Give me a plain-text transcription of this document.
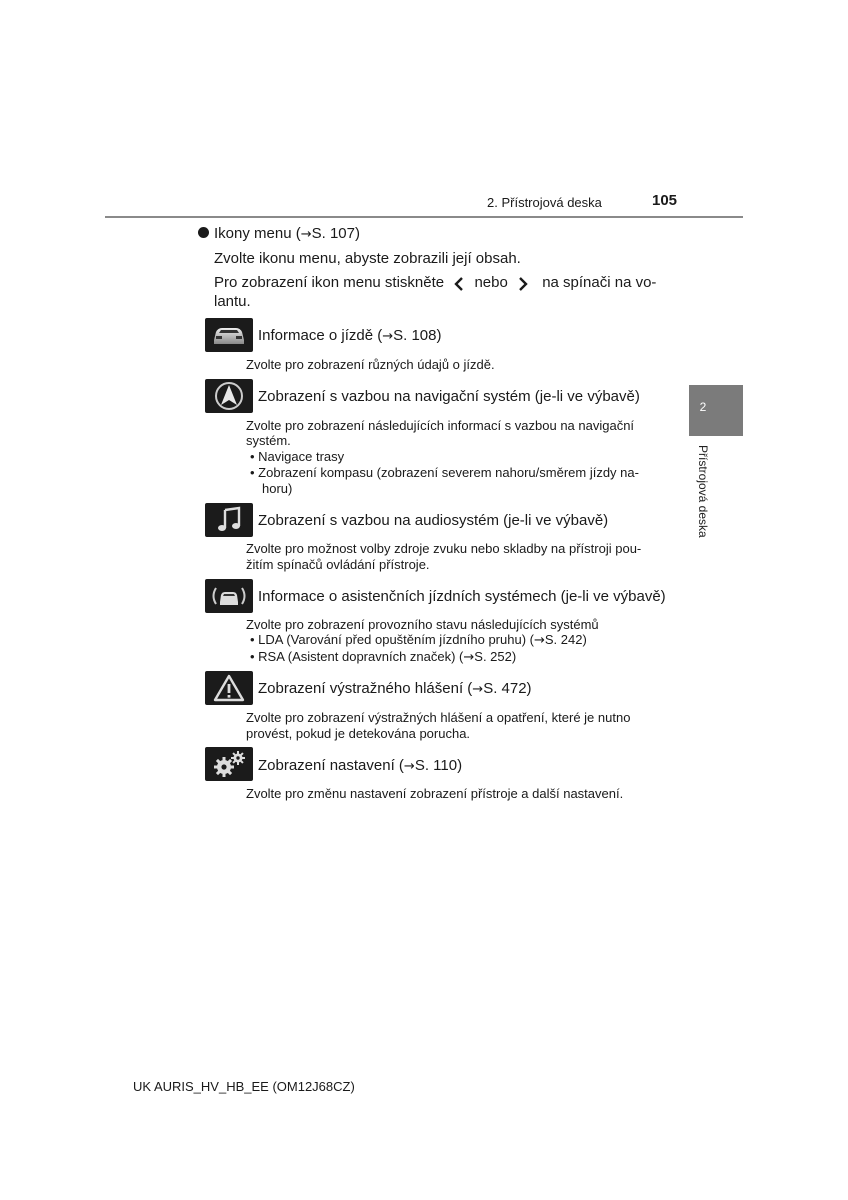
2. Přístrojová deska	105
2
Přístrojová deska
Ikony menu (→S. 107)
Zvolte ikonu menu, abyste zobrazili její obsah.
Pro zobrazení ikon menu stiskněte nebo na spínači na vo-
lantu.
Informace o jízdě (→S. 108)
Zvolte pro zobrazení různých údajů o jízdě.
Zobrazení s vazbou na navigační systém (je-li ve výbavě)
Zvolte pro zobrazení následujících informací s vazbou na navigační
systém.
• Navigace trasy
• Zobrazení kompasu (zobrazení severem nahoru/směrem jízdy na-
horu)
Zobrazení s vazbou na audiosystém (je-li ve výbavě)
Zvolte pro možnost volby zdroje zvuku nebo skladby na přístroji pou-
žitím spínačů ovládání přístroje.
Informace o asistenčních jízdních systémech (je-li ve výbavě)
Zvolte pro zobrazení provozního stavu následujících systémů
• LDA (Varování před opuštěním jízdního pruhu) (→S. 242)
• RSA (Asistent dopravních značek) (→S. 252)
Zobrazení výstražného hlášení (→S. 472)
Zvolte pro zobrazení výstražných hlášení a opatření, které je nutno
provést, pokud je detekována porucha.
Zobrazení nastavení (→S. 110)
Zvolte pro změnu nastavení zobrazení přístroje a další nastavení.
UK AURIS_HV_HB_EE (OM12J68CZ)
